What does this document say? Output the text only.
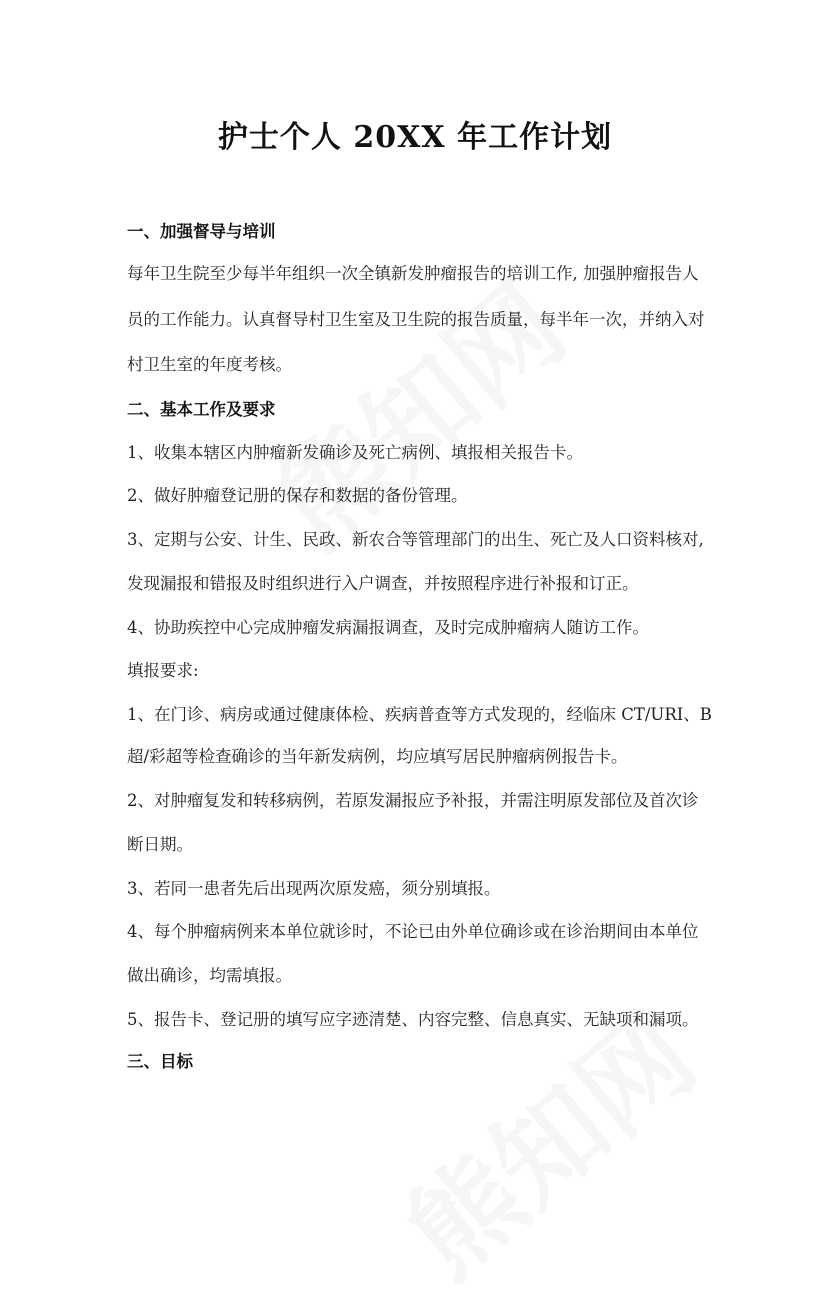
护士个人 20XX 年工作计划
一、加强督导与培训
每年卫生院至少每半年组织一次全镇新发肿瘤报告的培训工作, 加强肿瘤报告人
员的工作能力。认真督导村卫生室及卫生院的报告质量，每半年一次，并纳入对
村卫生室的年度考核。
二、基本工作及要求
1、收集本辖区内肿瘤新发确诊及死亡病例、填报相关报告卡。
2、做好肿瘤登记册的保存和数据的备份管理。
3、定期与公安、计生、民政、新农合等管理部门的出生、死亡及人口资料核对,
发现漏报和错报及时组织进行入户调查，并按照程序进行补报和订正。
4、协助疾控中心完成肿瘤发病漏报调查，及时完成肿瘤病人随访工作。
填报要求:
1、在门诊、病房或通过健康体检、疾病普查等方式发现的，经临床 CT/URI、B
超/彩超等检查确诊的当年新发病例，均应填写居民肿瘤病例报告卡。
2、对肿瘤复发和转移病例，若原发漏报应予补报，并需注明原发部位及首次诊
断日期。
3、若同一患者先后出现两次原发癌，须分别填报。
4、每个肿瘤病例来本单位就诊时，不论已由外单位确诊或在诊治期间由本单位
做出确诊，均需填报。
5、报告卡、登记册的填写应字迹清楚、内容完整、信息真实、无缺项和漏项。
三、目标
